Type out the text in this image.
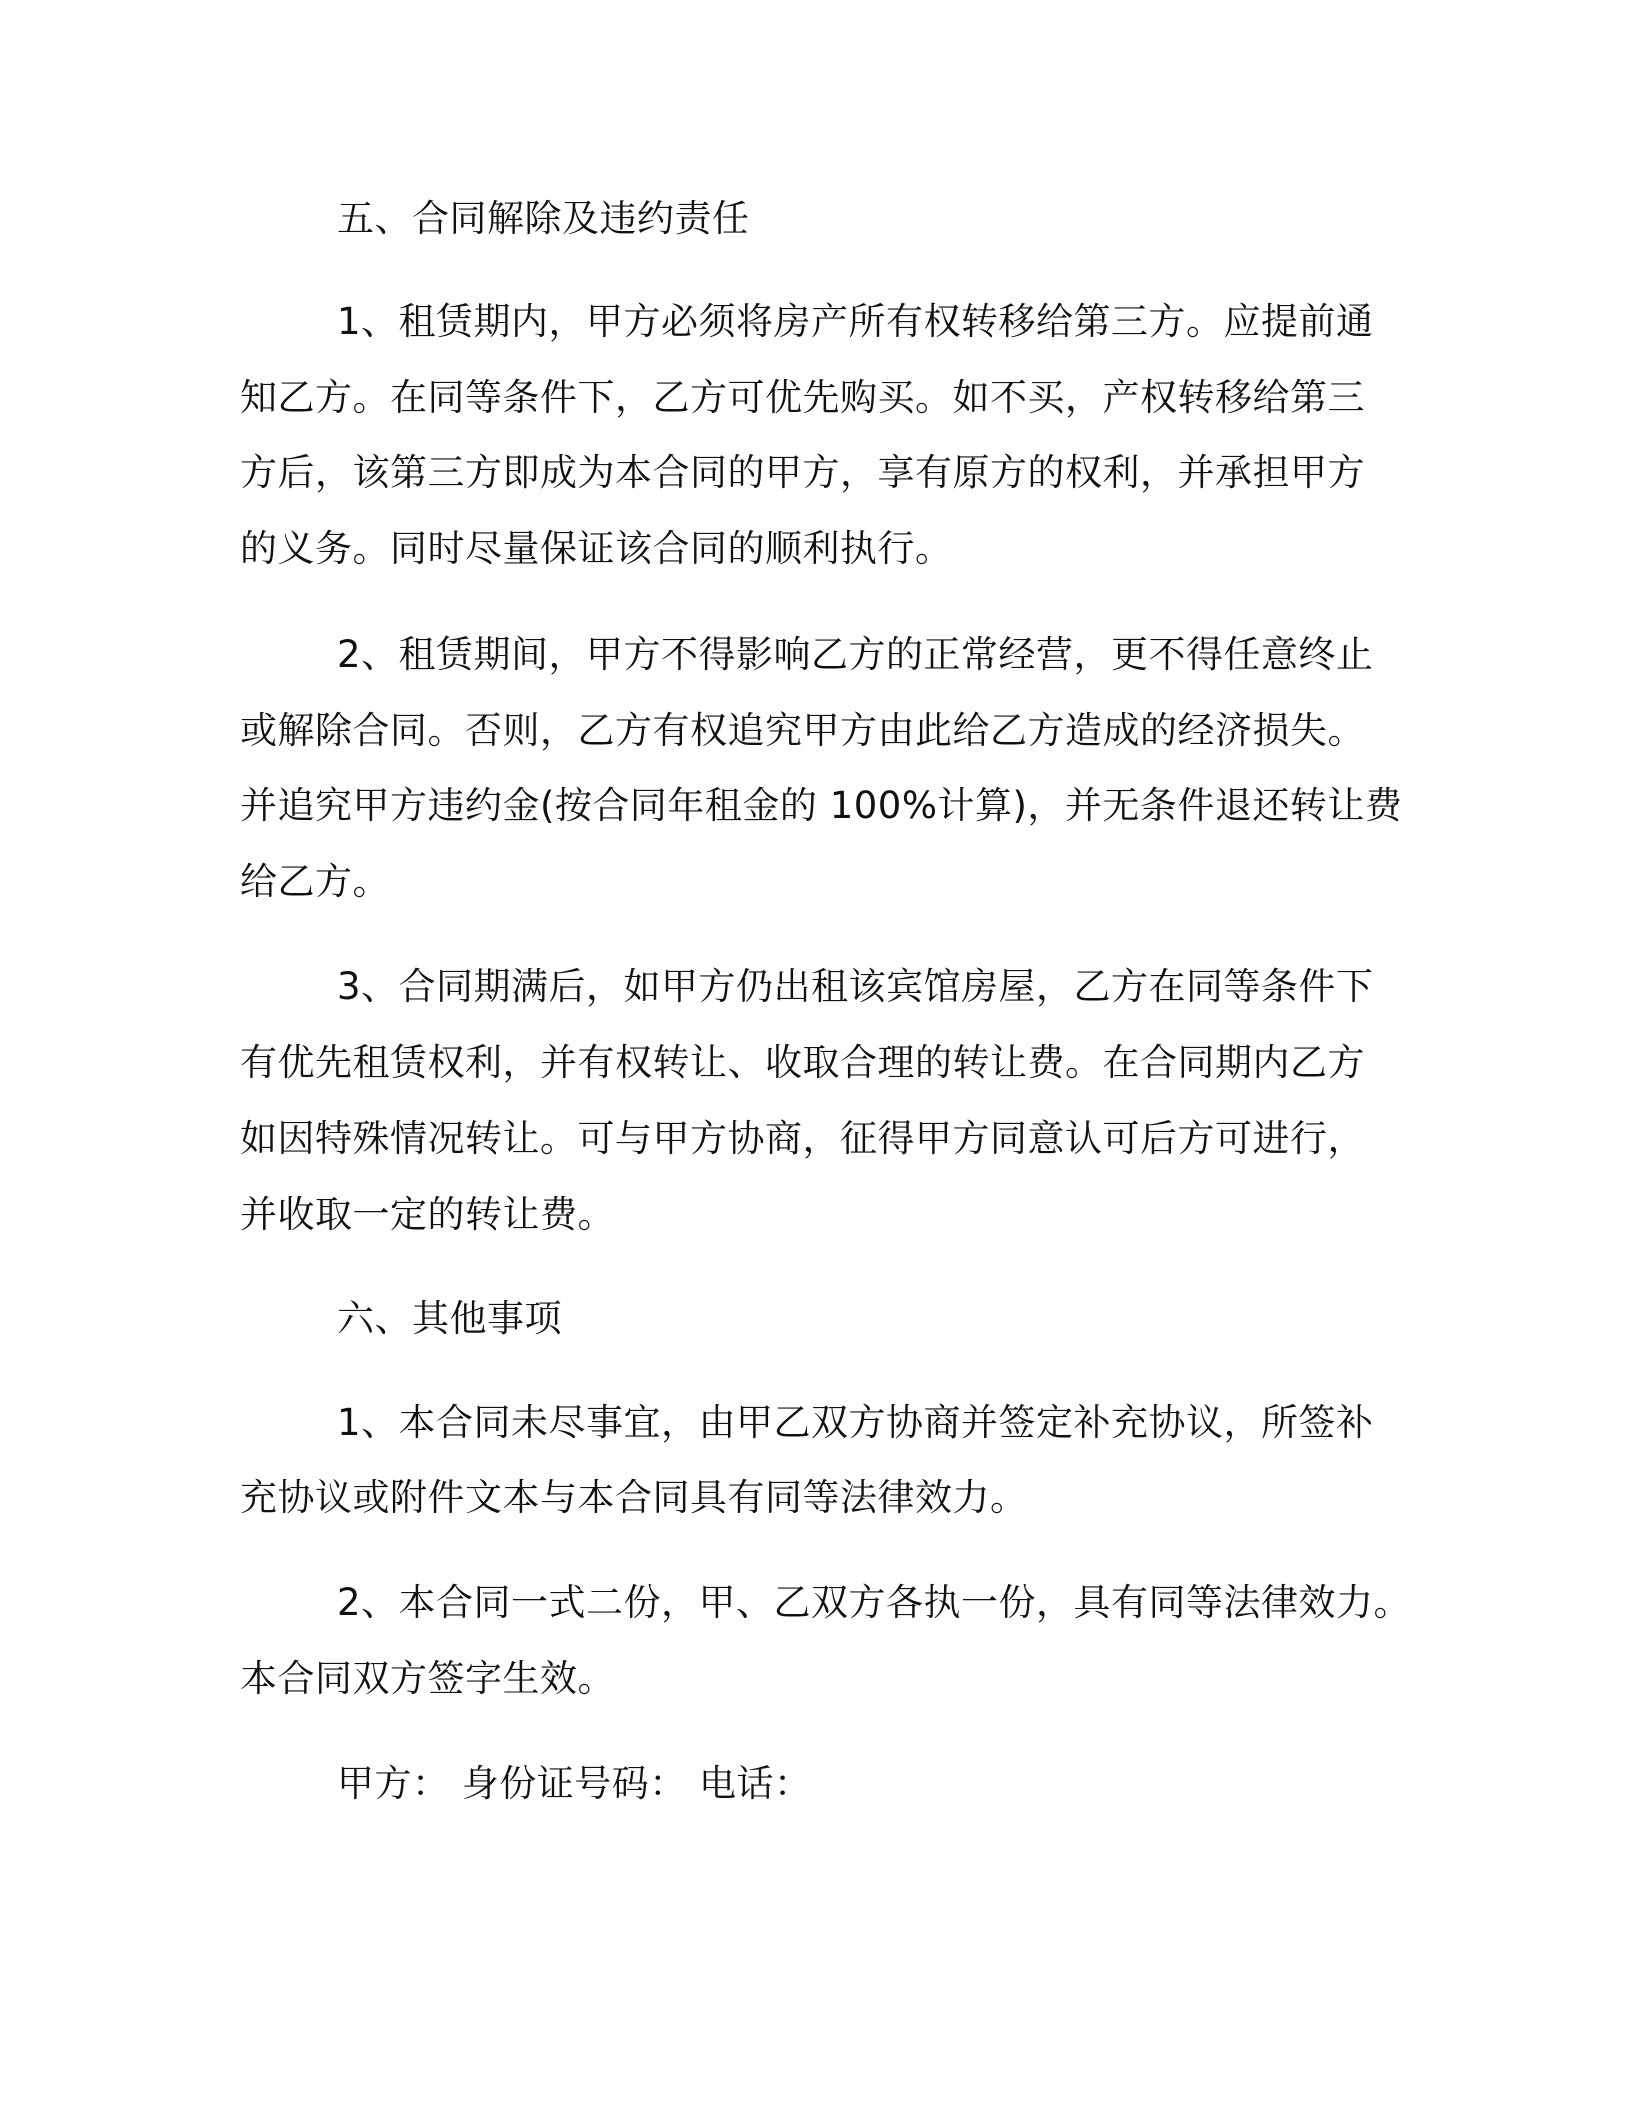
五、合同解除及违约责任
1、租赁期内，甲方必须将房产所有权转移给第三方。应提前通
知乙方。在同等条件下，乙方可优先购买。如不买，产权转移给第三
方后，该第三方即成为本合同的甲方，享有原方的权利，并承担甲方
的义务。同时尽量保证该合同的顺利执行。
2、租赁期间，甲方不得影响乙方的正常经营，更不得任意终止
或解除合同。否则，乙方有权追究甲方由此给乙方造成的经济损失。
并追究甲方违约金(按合同年租金的 100%计算)，并无条件退还转让费
给乙方。
3、合同期满后，如甲方仍出租该宾馆房屋，乙方在同等条件下
有优先租赁权利，并有权转让、收取合理的转让费。在合同期内乙方
如因特殊情况转让。可与甲方协商，征得甲方同意认可后方可进行，
并收取一定的转让费。
六、其他事项
1、本合同未尽事宜，由甲乙双方协商并签定补充协议，所签补
充协议或附件文本与本合同具有同等法律效力。
2、本合同一式二份，甲、乙双方各执一份，具有同等法律效力。
本合同双方签字生效。
甲方： 身份证号码： 电话：
